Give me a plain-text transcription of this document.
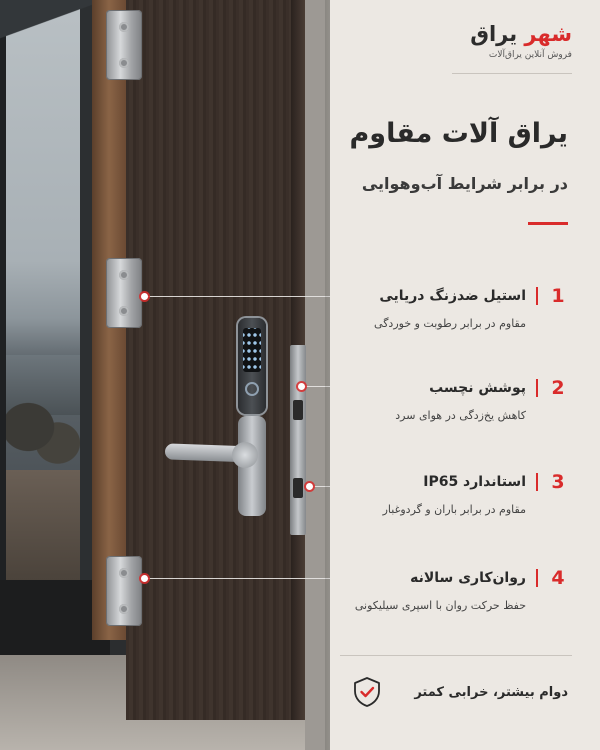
شهر یراق
فروش آنلاین یراق‌آلات
یراق آلات مقاوم
در برابر شرایط آب‌وهوایی
1
استیل ضدزنگ دریایی
مقاوم در برابر رطوبت و خوردگی
2
پوشش نچسب
کاهش یخ‌زدگی در هوای سرد
3
استاندارد IP65
مقاوم در برابر باران و گردوغبار
4
روان‌کاری سالانه
حفظ حرکت روان با اسپری سیلیکونی
دوام بیشتر، خرابی کمتر
